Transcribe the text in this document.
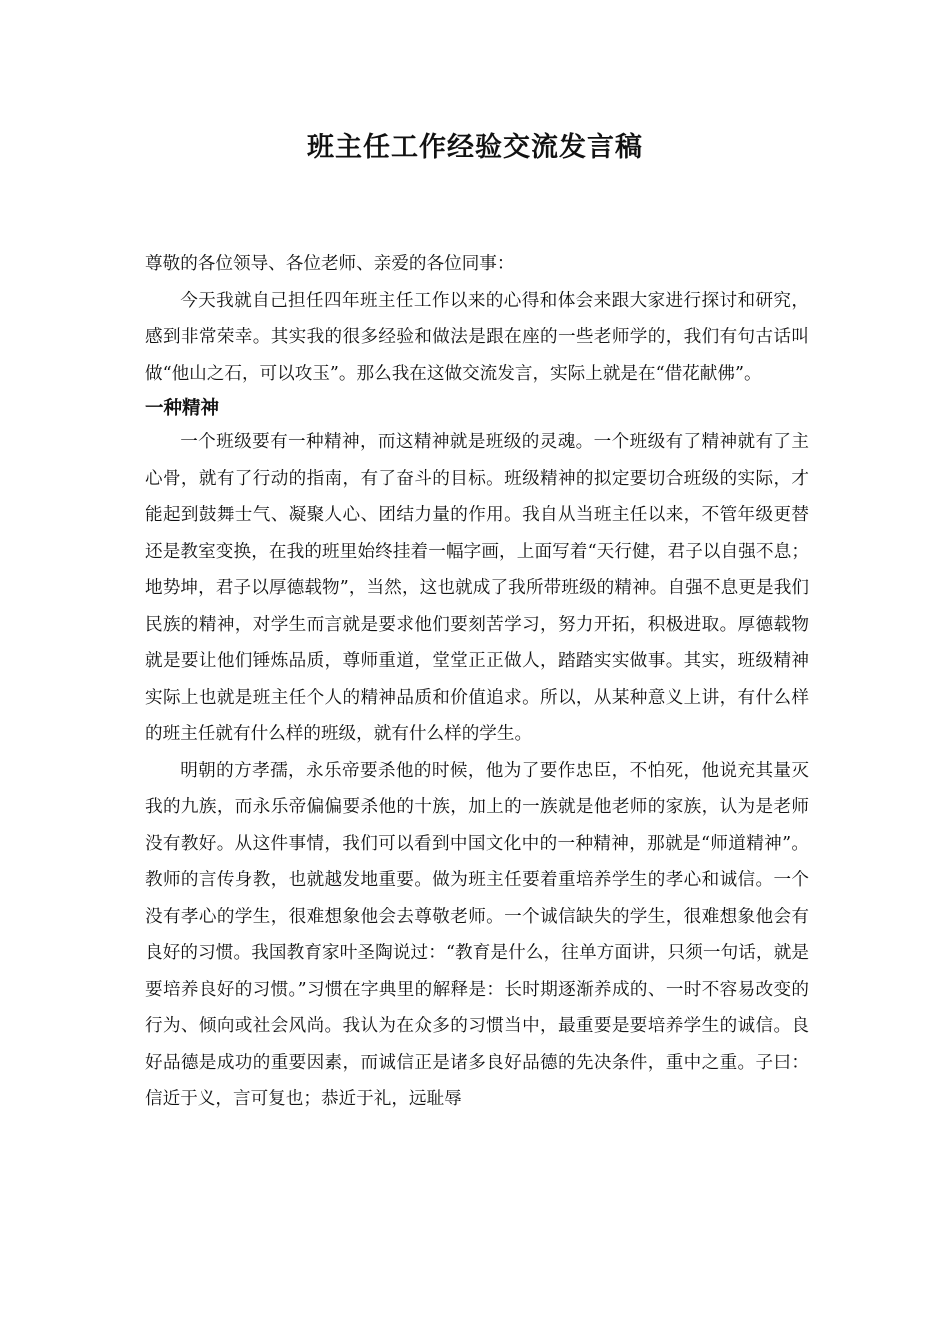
班主任工作经验交流发言稿

尊敬的各位领导、各位老师、亲爱的各位同事：

今天我就自己担任四年班主任工作以来的心得和体会来跟大家进行探讨和研究，感到非常荣幸。其实我的很多经验和做法是跟在座的一些老师学的，我们有句古话叫做“他山之石，可以攻玉”。那么我在这做交流发言，实际上就是在“借花献佛”。

一种精神

一个班级要有一种精神，而这精神就是班级的灵魂。一个班级有了精神就有了主心骨，就有了行动的指南，有了奋斗的目标。班级精神的拟定要切合班级的实际，才能起到鼓舞士气、凝聚人心、团结力量的作用。我自从当班主任以来，不管年级更替还是教室变换，在我的班里始终挂着一幅字画，上面写着“天行健，君子以自强不息；地势坤，君子以厚德载物”，当然，这也就成了我所带班级的精神。自强不息更是我们民族的精神，对学生而言就是要求他们要刻苦学习，努力开拓，积极进取。厚德载物就是要让他们锤炼品质，尊师重道，堂堂正正做人，踏踏实实做事。其实，班级精神实际上也就是班主任个人的精神品质和价值追求。所以，从某种意义上讲，有什么样的班主任就有什么样的班级，就有什么样的学生。

明朝的方孝孺，永乐帝要杀他的时候，他为了要作忠臣，不怕死，他说充其量灭我的九族，而永乐帝偏偏要杀他的十族，加上的一族就是他老师的家族，认为是老师没有教好。从这件事情，我们可以看到中国文化中的一种精神，那就是“师道精神”。教师的言传身教，也就越发地重要。做为班主任要着重培养学生的孝心和诚信。一个没有孝心的学生，很难想象他会去尊敬老师。一个诚信缺失的学生，很难想象他会有良好的习惯。我国教育家叶圣陶说过：“教育是什么，往单方面讲，只须一句话，就是要培养良好的习惯。”习惯在字典里的解释是：长时期逐渐养成的、一时不容易改变的行为、倾向或社会风尚。我认为在众多的习惯当中，最重要是要培养学生的诚信。良好品德是成功的重要因素，而诚信正是诸多良好品德的先决条件，重中之重。子曰：信近于义，言可复也；恭近于礼，远耻辱
